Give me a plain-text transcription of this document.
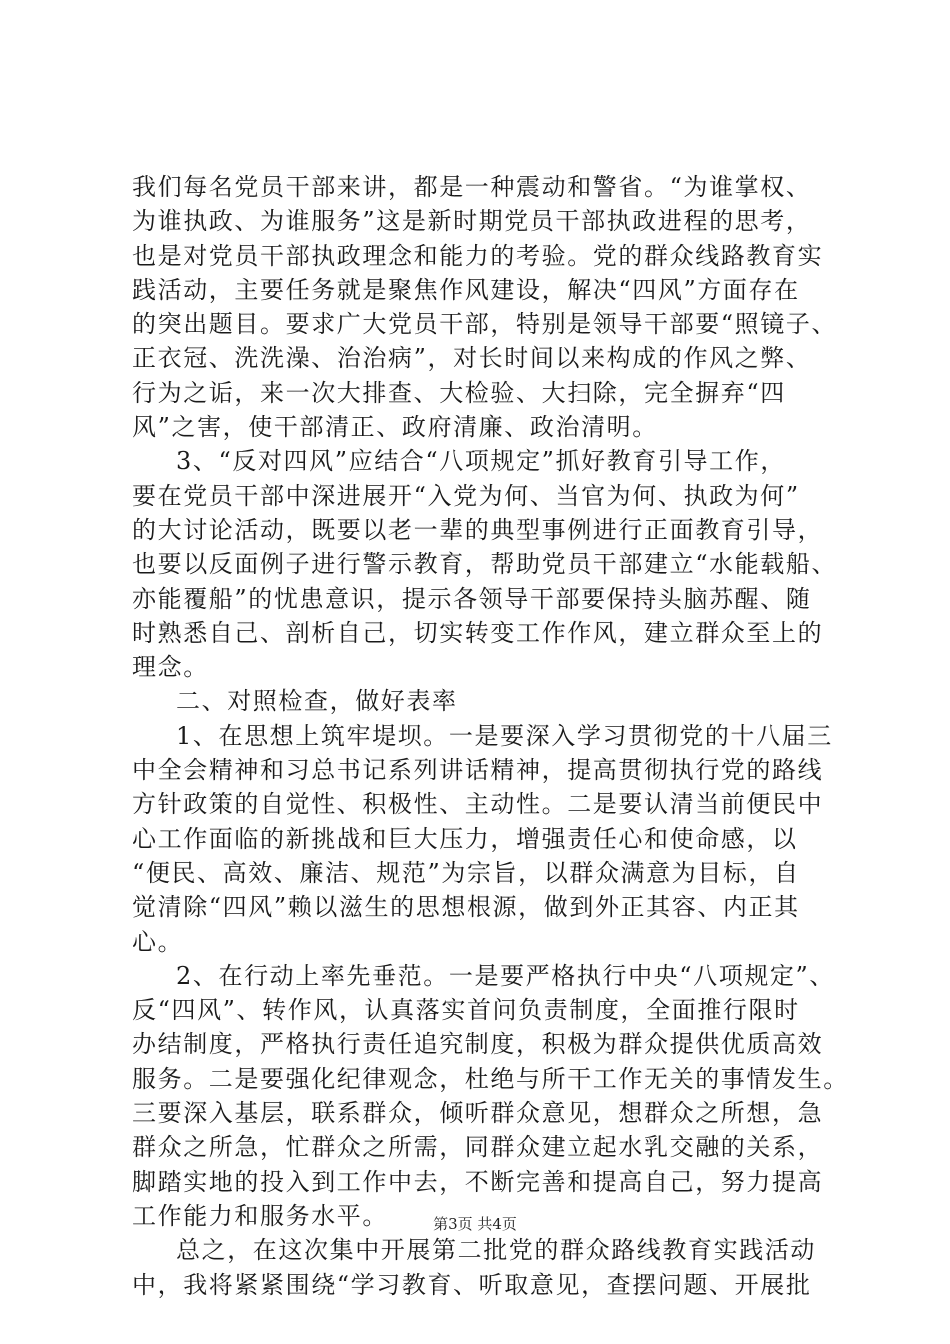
我们每名党员干部来讲，都是一种震动和警省。“为谁掌权、
为谁执政、为谁服务”这是新时期党员干部执政进程的思考，
也是对党员干部执政理念和能力的考验。党的群众线路教育实
践活动，主要任务就是聚焦作风建设，解决“四风”方面存在
的突出题目。要求广大党员干部，特别是领导干部要“照镜子、
正衣冠、洗洗澡、治治病”，对长时间以来构成的作风之弊、
行为之诟，来一次大排查、大检验、大扫除，完全摒弃“四
风”之害，使干部清正、政府清廉、政治清明。
3、“反对四风”应结合“八项规定”抓好教育引导工作，
要在党员干部中深进展开“入党为何、当官为何、执政为何”
的大讨论活动，既要以老一辈的典型事例进行正面教育引导，
也要以反面例子进行警示教育，帮助党员干部建立“水能载船、
亦能覆船”的忧患意识，提示各领导干部要保持头脑苏醒、随
时熟悉自己、剖析自己，切实转变工作作风，建立群众至上的
理念。
二、对照检查，做好表率
1、在思想上筑牢堤坝。一是要深入学习贯彻党的十八届三
中全会精神和习总书记系列讲话精神，提高贯彻执行党的路线
方针政策的自觉性、积极性、主动性。二是要认清当前便民中
心工作面临的新挑战和巨大压力，增强责任心和使命感，以
“便民、高效、廉洁、规范”为宗旨，以群众满意为目标，自
觉清除“四风”赖以滋生的思想根源，做到外正其容、内正其
心。
2、在行动上率先垂范。一是要严格执行中央“八项规定”、
反“四风”、转作风，认真落实首问负责制度，全面推行限时
办结制度，严格执行责任追究制度，积极为群众提供优质高效
服务。二是要强化纪律观念，杜绝与所干工作无关的事情发生。
三要深入基层，联系群众，倾听群众意见，想群众之所想，急
群众之所急，忙群众之所需，同群众建立起水乳交融的关系，
脚踏实地的投入到工作中去，不断完善和提高自己，努力提高
工作能力和服务水平。
总之，在这次集中开展第二批党的群众路线教育实践活动
中，我将紧紧围绕“学习教育、听取意见，查摆问题、开展批
第3页 共4页
